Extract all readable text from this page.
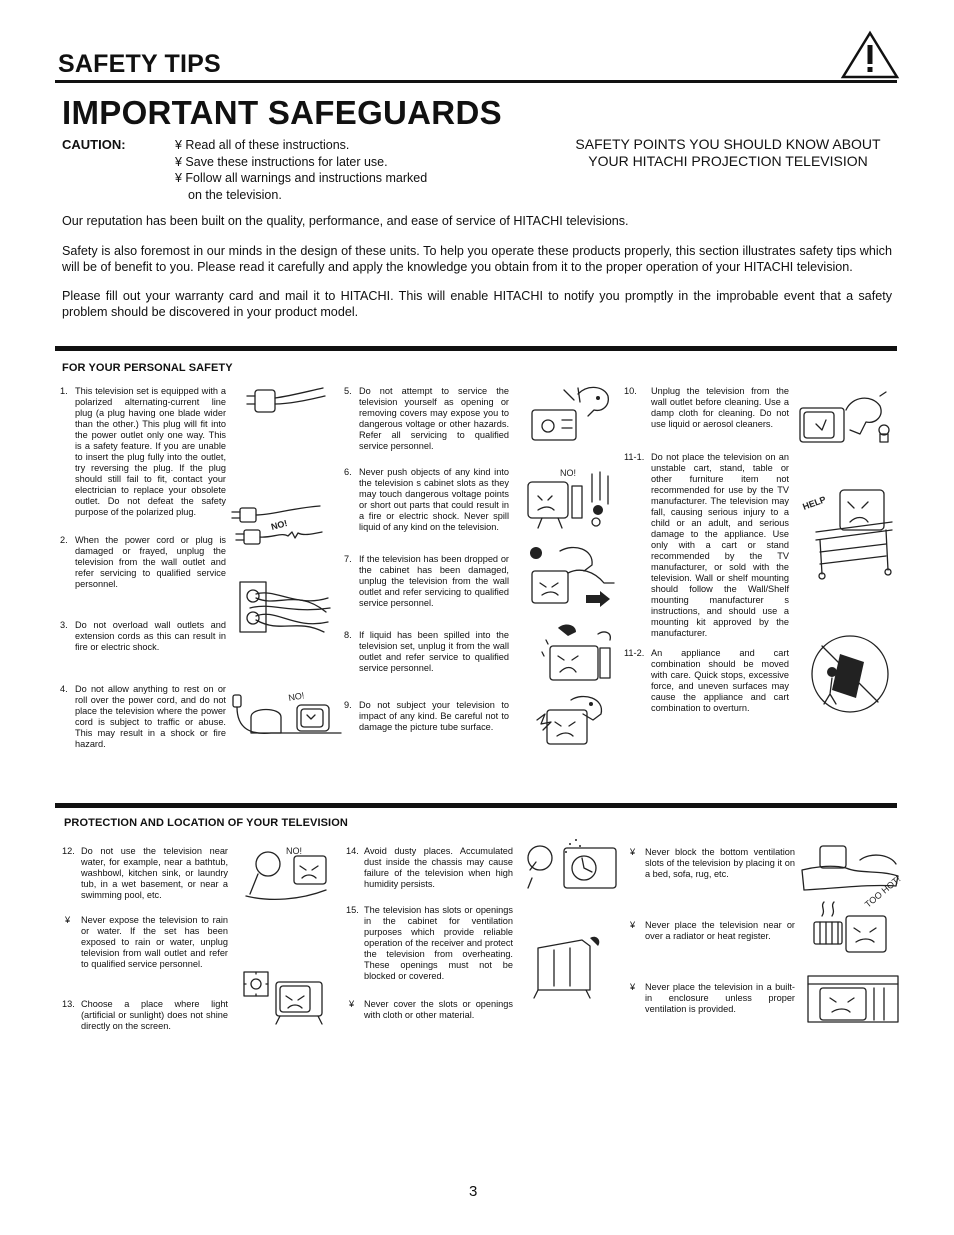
SAFETY TIPS
IMPORTANT SAFEGUARDS
CAUTION:	¥ Read all of these instructions.
¥ Save these instructions for later use.
¥ Follow all warnings and instructions marked
on the television.
SAFETY POINTS YOU SHOULD KNOW ABOUT
YOUR HITACHI PROJECTION TELEVISION
Our reputation has been built on the quality, performance, and ease of service of HITACHI televisions.
Safety is also foremost in our minds in the design of these units. To help you operate these products properly, this section illustrates safety tips which will be of benefit to you. Please read it carefully and apply the knowledge you obtain from it to the proper operation of your HITACHI television.
Please fill out your warranty card and mail it to HITACHI. This will enable HITACHI to notify you promptly in the improbable event that a safety problem should be discovered in your product model.
FOR YOUR PERSONAL SAFETY
1. This television set is equipped with a polarized alternating-current line plug (a plug having one blade wider than the other.) This plug will fit into the power outlet only one way. This is a safety feature. If you are unable to insert the plug fully into the outlet, try reversing the plug. If the plug should still fail to fit, contact your electrician to replace your obsolete outlet. Do not defeat the safety purpose of the polarized plug.
2. When the power cord or plug is damaged or frayed, unplug the television from the wall outlet and refer servicing to qualified service personnel.
3. Do not overload wall outlets and extension cords as this can result in fire or electric shock.
4. Do not allow anything to rest on or roll over the power cord, and do not place the television where the power cord is subject to traffic or abuse. This may result in a shock or fire hazard.
5. Do not attempt to service the television yourself as opening or removing covers may expose you to dangerous voltage or other hazards. Refer all servicing to qualified service personnel.
6. Never push objects of any kind into the television s cabinet slots as they may touch dangerous voltage points or short out parts that could result in a fire or electric shock. Never spill liquid of any kind on the television.
7. If the television has been dropped or the cabinet has been damaged, unplug the television from the wall outlet and refer servicing to qualified service personnel.
8. If liquid has been spilled into the television set, unplug it from the wall outlet and refer service to qualified service personnel.
9. Do not subject your television to impact of any kind. Be careful not to damage the picture tube surface.
10. Unplug the television from the wall outlet before cleaning. Use a damp cloth for cleaning. Do not use liquid or aerosol cleaners.
11-1. Do not place the television on an unstable cart, stand, table or other furniture item not recommended for use by the TV manufacturer. The television may fall, causing serious injury to a child or an adult, and serious damage to the appliance. Use only with a cart or stand recommended by the TV manufacturer, or sold with the television. Wall or shelf mounting should follow the Wall/Shelf mounting manufacturer s instructions, and should use a mounting kit approved by the manufacturer.
11-2. An appliance and cart combination should be moved with care. Quick stops, excessive force, and uneven surfaces may cause the appliance and cart combination to overturn.
NO!
NO!
NO!
HELP
PROTECTION AND LOCATION OF YOUR TELEVISION
12. Do not use the television near water, for example, near a bathtub, washbowl, kitchen sink, or laundry tub, in a wet basement, or near a swimming pool, etc.
¥ Never expose the television to rain or water. If the set has been exposed to rain or water, unplug television from wall outlet and refer to qualified service personnel.
13. Choose a place where light (artificial or sunlight) does not shine directly on the screen.
14. Avoid dusty places. Accumulated dust inside the chassis may cause failure of the television when high humidity persists.
15. The television has slots or openings in the cabinet for ventilation purposes which provide reliable operation of the receiver and protect the television from overheating. These openings must not be blocked or covered.
¥ Never cover the slots or openings with cloth or other material.
¥ Never block the bottom ventilation slots of the television by placing it on a bed, sofa, rug, etc.
¥ Never place the television near or over a radiator or heat register.
¥ Never place the television in a built-in enclosure unless proper ventilation is provided.
NO!
TOO HOT!
3
